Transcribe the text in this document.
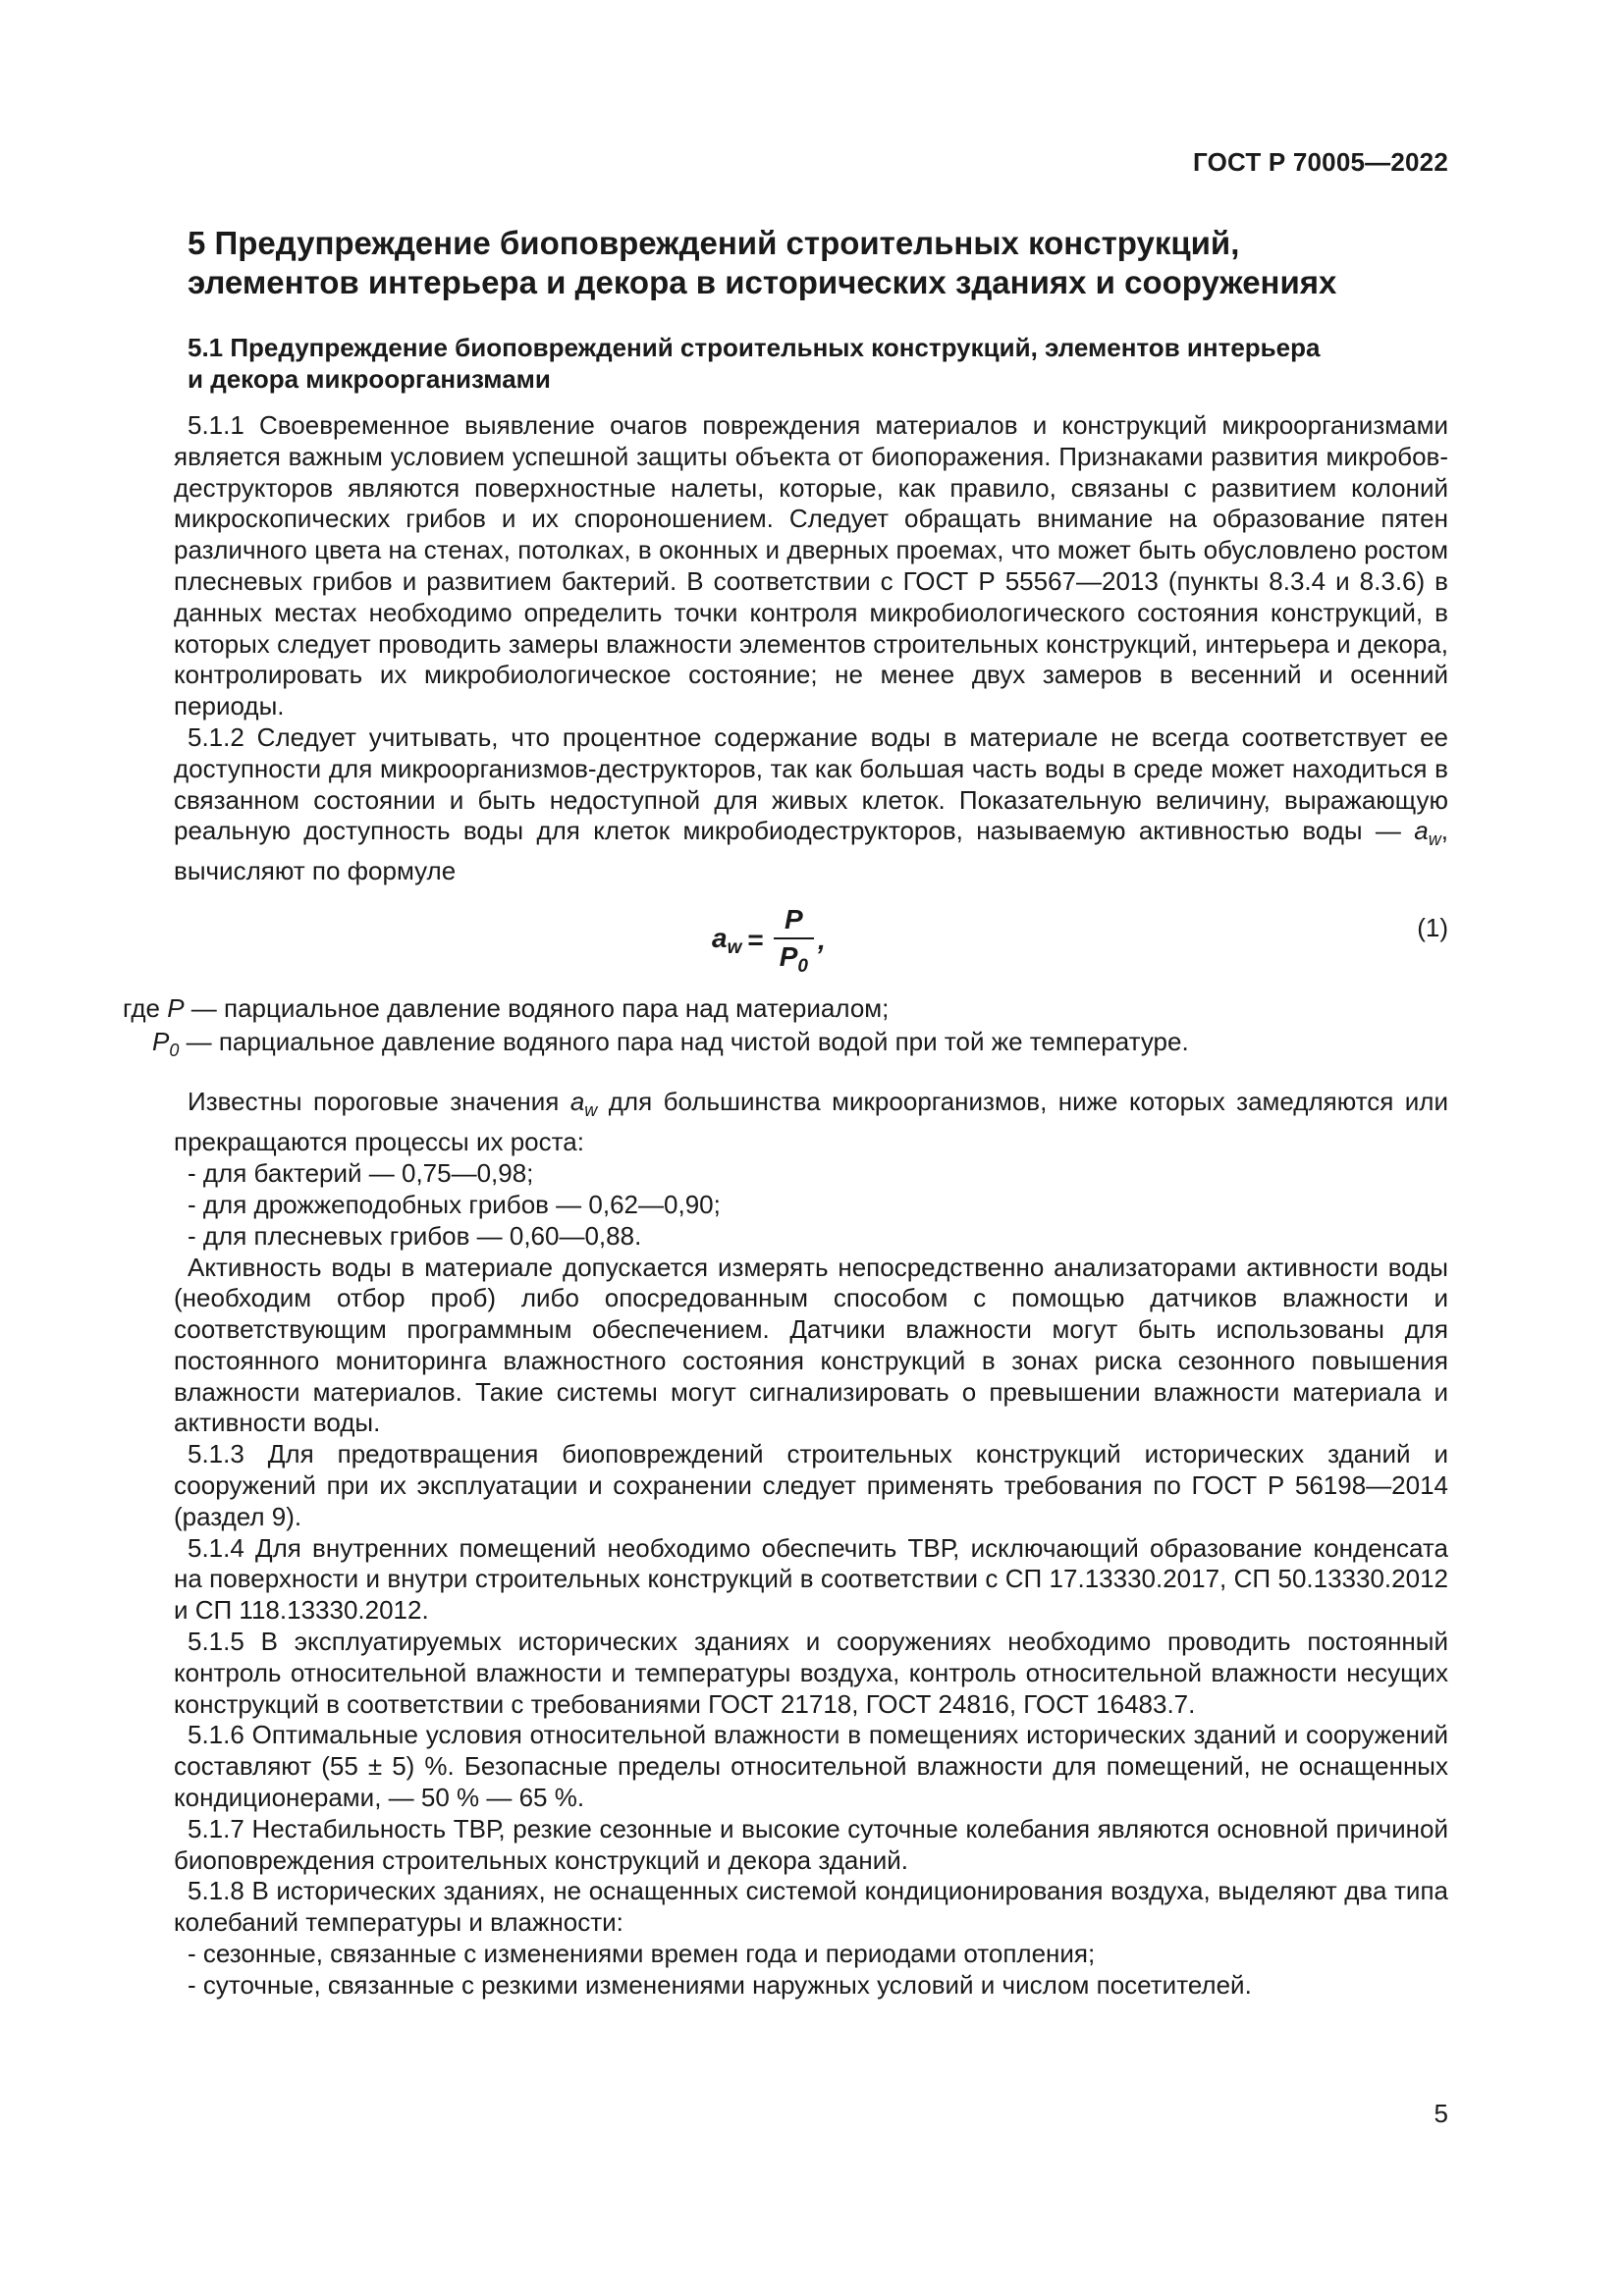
ГОСТ Р 70005—2022
5 Предупреждение биоповреждений строительных конструкций,
элементов интерьера и декора в исторических зданиях и сооружениях
5.1 Предупреждение биоповреждений строительных конструкций, элементов интерьера
и декора микроорганизмами

5.1.1 Своевременное выявление очагов повреждения материалов и конструкций микроорганизмами является важным условием успешной защиты объекта от биопоражения. Признаками развития микробов-деструкторов являются поверхностные налеты, которые, как правило, связаны с развитием колоний микроскопических грибов и их спороношением. Следует обращать внимание на образование пятен различного цвета на стенах, потолках, в оконных и дверных проемах, что может быть обусловлено ростом плесневых грибов и развитием бактерий. В соответствии с ГОСТ Р 55567—2013 (пункты 8.3.4 и 8.3.6) в данных местах необходимо определить точки контроля микробиологического состояния конструкций, в которых следует проводить замеры влажности элементов строительных конструкций, интерьера и декора, контролировать их микробиологическое состояние; не менее двух замеров в весенний и осенний периоды.

5.1.2 Следует учитывать, что процентное содержание воды в материале не всегда соответствует ее доступности для микроорганизмов-деструкторов, так как большая часть воды в среде может находиться в связанном состоянии и быть недоступной для живых клеток. Показательную величину, выражающую реальную доступность воды для клеток микробиодеструкторов, называемую активностью воды — $a_w$, вычисляют по формуле

$a_w = \frac{P}{P_0}$ ,	(1)

где P — парциальное давление водяного пара над материалом;

$P_0$ — парциальное давление водяного пара над чистой водой при той же температуре.

Известны пороговые значения $a_w$ для большинства микроорганизмов, ниже которых замедляются или прекращаются процессы их роста:

- для бактерий — 0,75—0,98;
- для дрожжеподобных грибов — 0,62—0,90;
- для плесневых грибов — 0,60—0,88.

Активность воды в материале допускается измерять непосредственно анализаторами активности воды (необходим отбор проб) либо опосредованным способом с помощью датчиков влажности и соответствующим программным обеспечением. Датчики влажности могут быть использованы для постоянного мониторинга влажностного состояния конструкций в зонах риска сезонного повышения влажности материалов. Такие системы могут сигнализировать о превышении влажности материала и активности воды.

5.1.3 Для предотвращения биоповреждений строительных конструкций исторических зданий и сооружений при их эксплуатации и сохранении следует применять требования по ГОСТ Р 56198—2014 (раздел 9).

5.1.4 Для внутренних помещений необходимо обеспечить ТВР, исключающий образование конденсата на поверхности и внутри строительных конструкций в соответствии с СП 17.13330.2017, СП 50.13330.2012 и СП 118.13330.2012.

5.1.5 В эксплуатируемых исторических зданиях и сооружениях необходимо проводить постоянный контроль относительной влажности и температуры воздуха, контроль относительной влажности несущих конструкций в соответствии с требованиями ГОСТ 21718, ГОСТ 24816, ГОСТ 16483.7.

5.1.6 Оптимальные условия относительной влажности в помещениях исторических зданий и сооружений составляют (55 ± 5) %. Безопасные пределы относительной влажности для помещений, не оснащенных кондиционерами, — 50 % — 65 %.

5.1.7 Нестабильность ТВР, резкие сезонные и высокие суточные колебания являются основной причиной биоповреждения строительных конструкций и декора зданий.

5.1.8 В исторических зданиях, не оснащенных системой кондиционирования воздуха, выделяют два типа колебаний температуры и влажности:

- сезонные, связанные с изменениями времен года и периодами отопления;
- суточные, связанные с резкими изменениями наружных условий и числом посетителей.
5
